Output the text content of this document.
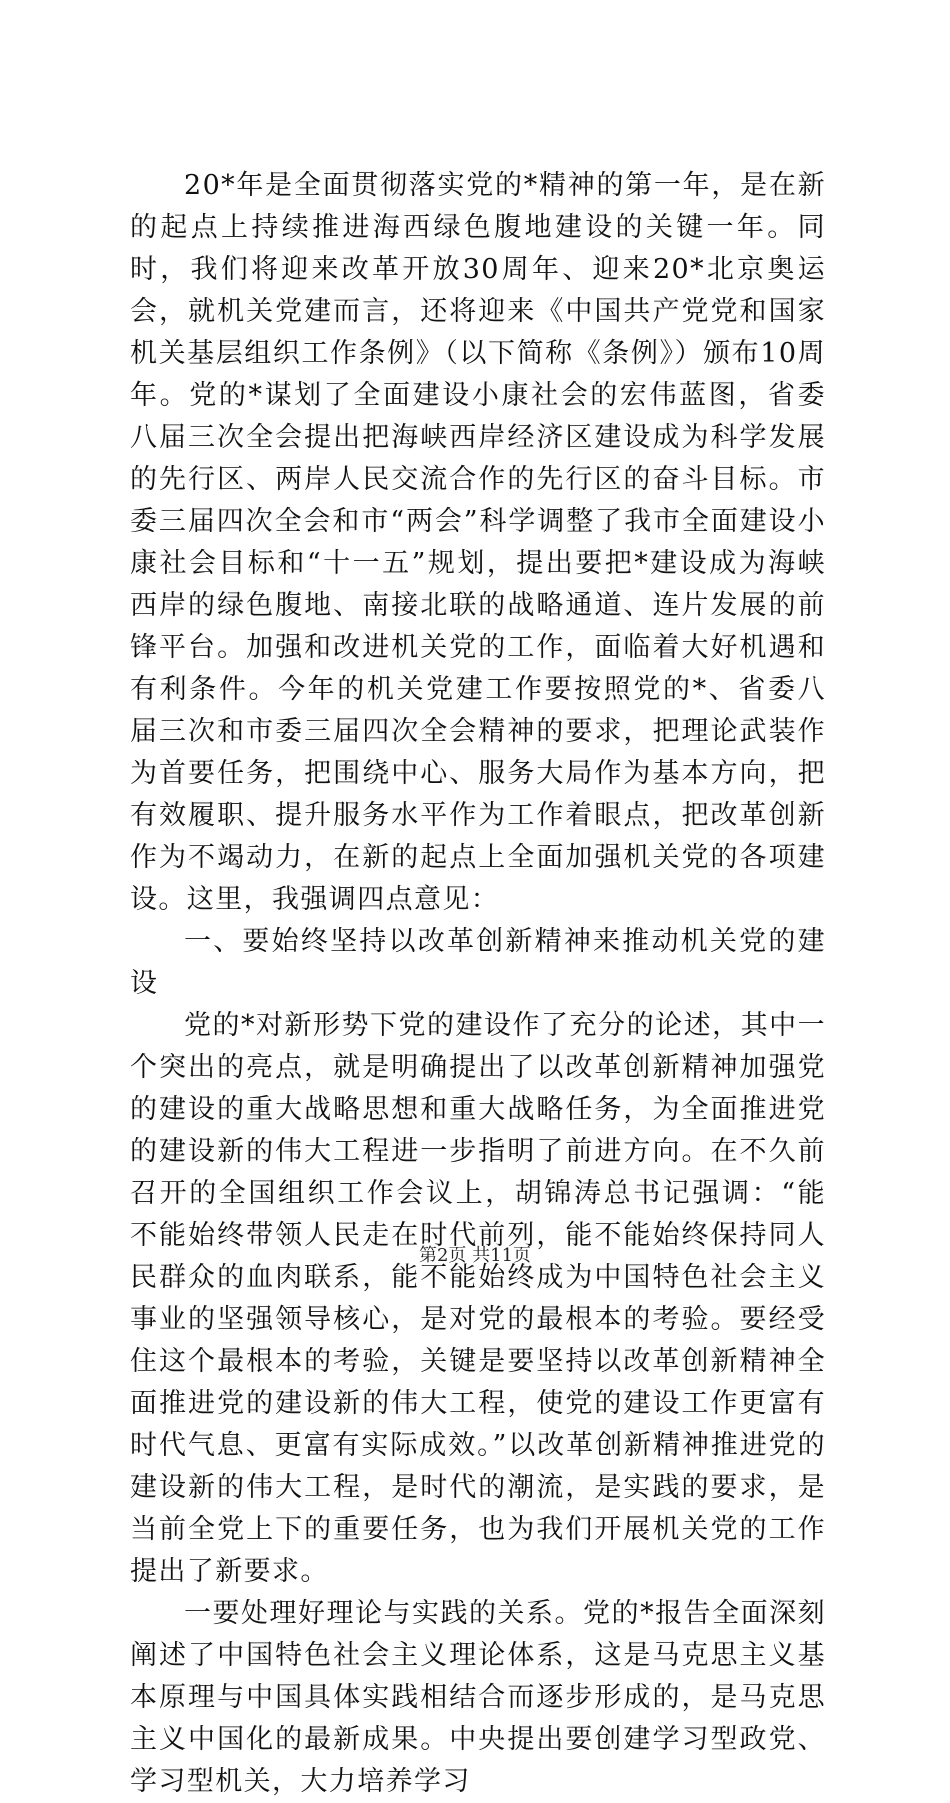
20*年是全面贯彻落实党的*精神的第一年，是在新的起点上持续推进海西绿色腹地建设的关键一年。同时，我们将迎来改革开放30周年、迎来20*北京奥运会，就机关党建而言，还将迎来《中国共产党党和国家机关基层组织工作条例》（以下简称《条例》）颁布10周年。党的*谋划了全面建设小康社会的宏伟蓝图，省委八届三次全会提出把海峡西岸经济区建设成为科学发展的先行区、两岸人民交流合作的先行区的奋斗目标。市委三届四次全会和市“两会”科学调整了我市全面建设小康社会目标和“十一五”规划，提出要把*建设成为海峡西岸的绿色腹地、南接北联的战略通道、连片发展的前锋平台。加强和改进机关党的工作，面临着大好机遇和有利条件。今年的机关党建工作要按照党的*、省委八届三次和市委三届四次全会精神的要求，把理论武装作为首要任务，把围绕中心、服务大局作为基本方向，把有效履职、提升服务水平作为工作着眼点，把改革创新作为不竭动力，在新的起点上全面加强机关党的各项建设。这里，我强调四点意见：

一、要始终坚持以改革创新精神来推动机关党的建设

党的*对新形势下党的建设作了充分的论述，其中一个突出的亮点，就是明确提出了以改革创新精神加强党的建设的重大战略思想和重大战略任务，为全面推进党的建设新的伟大工程进一步指明了前进方向。在不久前召开的全国组织工作会议上，胡锦涛总书记强调：“能不能始终带领人民走在时代前列，能不能始终保持同人民群众的血肉联系，能不能始终成为中国特色社会主义事业的坚强领导核心，是对党的最根本的考验。要经受住这个最根本的考验，关键是要坚持以改革创新精神全面推进党的建设新的伟大工程，使党的建设工作更富有时代气息、更富有实际成效。”以改革创新精神推进党的建设新的伟大工程，是时代的潮流，是实践的要求，是当前全党上下的重要任务，也为我们开展机关党的工作提出了新要求。

一要处理好理论与实践的关系。党的*报告全面深刻阐述了中国特色社会主义理论体系，这是马克思主义基本原理与中国具体实践相结合而逐步形成的，是马克思主义中国化的最新成果。中央提出要创建学习型政党、学习型机关，大力培养学习

第2页 共11页
